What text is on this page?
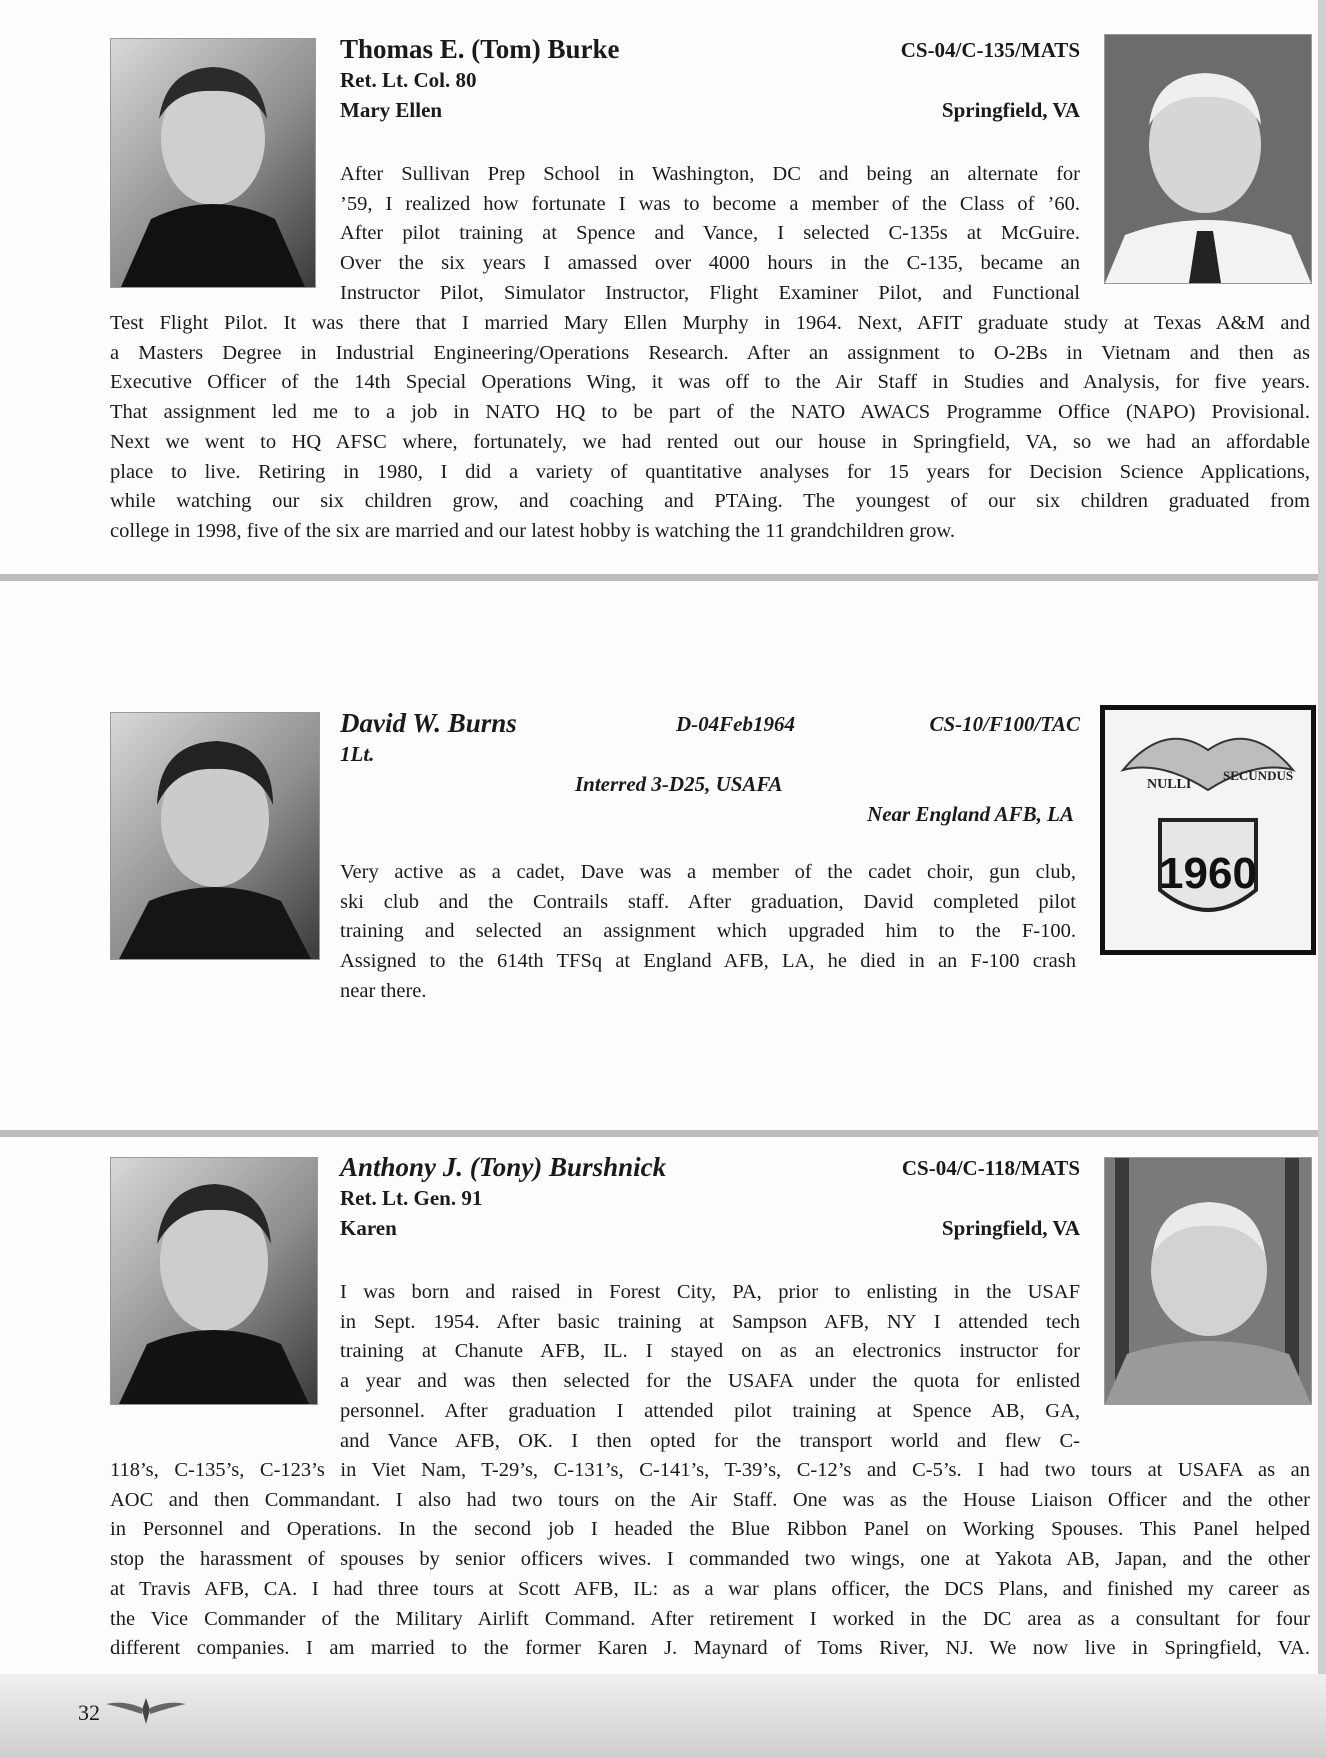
Thomas E. (Tom) Burke	CS-04/C-135/MATS
Ret. Lt. Col. 80
Mary Ellen	Springfield, VA
After Sullivan Prep School in Washington, DC and being an alternate for
’59, I realized how fortunate I was to become a member of the Class of ’60.
After pilot training at Spence and Vance, I selected C-135s at McGuire.
Over the six years I amassed over 4000 hours in the C-135, became an
Instructor Pilot, Simulator Instructor, Flight Examiner Pilot, and Functional
Test Flight Pilot. It was there that I married Mary Ellen Murphy in 1964. Next, AFIT graduate study at Texas A&M and
a Masters Degree in Industrial Engineering/Operations Research. After an assignment to O-2Bs in Vietnam and then as
Executive Officer of the 14th Special Operations Wing, it was off to the Air Staff in Studies and Analysis, for five years.
That assignment led me to a job in NATO HQ to be part of the NATO AWACS Programme Office (NAPO) Provisional.
Next we went to HQ AFSC where, fortunately, we had rented out our house in Springfield, VA, so we had an affordable
place to live. Retiring in 1980, I did a variety of quantitative analyses for 15 years for Decision Science Applications,
while watching our six children grow, and coaching and PTAing. The youngest of our six children graduated from
college in 1998, five of the six are married and our latest hobby is watching the 11 grandchildren grow.
NULLI
SECUNDUS
1960
David W. Burns	D-04Feb1964	CS-10/F100/TAC
1Lt.
Interred 3-D25, USAFA
Near England AFB, LA
Very active as a cadet, Dave was a member of the cadet choir, gun club,
ski club and the Contrails staff. After graduation, David completed pilot
training and selected an assignment which upgraded him to the F-100.
Assigned to the 614th TFSq at England AFB, LA, he died in an F-100 crash
near there.
Anthony J. (Tony) Burshnick	CS-04/C-118/MATS
Ret. Lt. Gen. 91
Karen	Springfield, VA
I was born and raised in Forest City, PA, prior to enlisting in the USAF
in Sept. 1954. After basic training at Sampson AFB, NY I attended tech
training at Chanute AFB, IL. I stayed on as an electronics instructor for
a year and was then selected for the USAFA under the quota for enlisted
personnel. After graduation I attended pilot training at Spence AB, GA,
and Vance AFB, OK. I then opted for the transport world and flew C-
118’s, C-135’s, C-123’s in Viet Nam, T-29’s, C-131’s, C-141’s, T-39’s, C-12’s and C-5’s. I had two tours at USAFA as an
AOC and then Commandant. I also had two tours on the Air Staff. One was as the House Liaison Officer and the other
in Personnel and Operations. In the second job I headed the Blue Ribbon Panel on Working Spouses. This Panel helped
stop the harassment of spouses by senior officers wives. I commanded two wings, one at Yakota AB, Japan, and the other
at Travis AFB, CA. I had three tours at Scott AFB, IL: as a war plans officer, the DCS Plans, and finished my career as
the Vice Commander of the Military Airlift Command. After retirement I worked in the DC area as a consultant for four
different companies. I am married to the former Karen J. Maynard of Toms River, NJ. We now live in Springfield, VA.
32
